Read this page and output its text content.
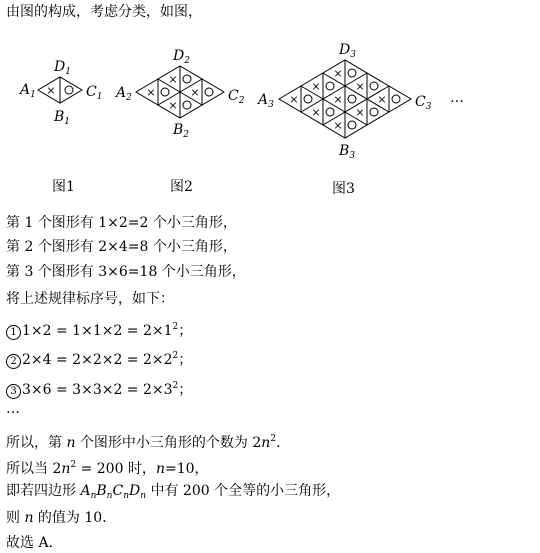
由图的构成，考虑分类，如图，
×	×
×
×
×
×
×
×
×
×
×
×
×
×
$D_1$
$A_1$	$C_1$
$B_1$
$D_2$
$A_2$	$C_2$
$B_2$
$D_3$
$A_3$	$C_3$
$B_3$
…
图1	图2	图3
第 1 个图形有 1×2=2 个小三角形，
第 2 个图形有 2×4=8 个小三角形，
第 3 个图形有 3×6=18 个小三角形，
将上述规律标序号，如下：
1 $1\times 2 = 1\times 1\times 2 = 2\times 1^2$；
2 $2\times 4 = 2\times 2\times 2 = 2\times 2^2$；
3 $3\times 6 = 3\times 3\times 2 = 2\times 3^2$；
…
所以，第 n 个图形中小三角形的个数为 $2n^2$．
所以当 $2n^2 = 200$ 时，n=10，
即若四边形 $A_nB_nC_nD_n$ 中有 200 个全等的小三角形，
则 n 的值为 10．
故选 A．
